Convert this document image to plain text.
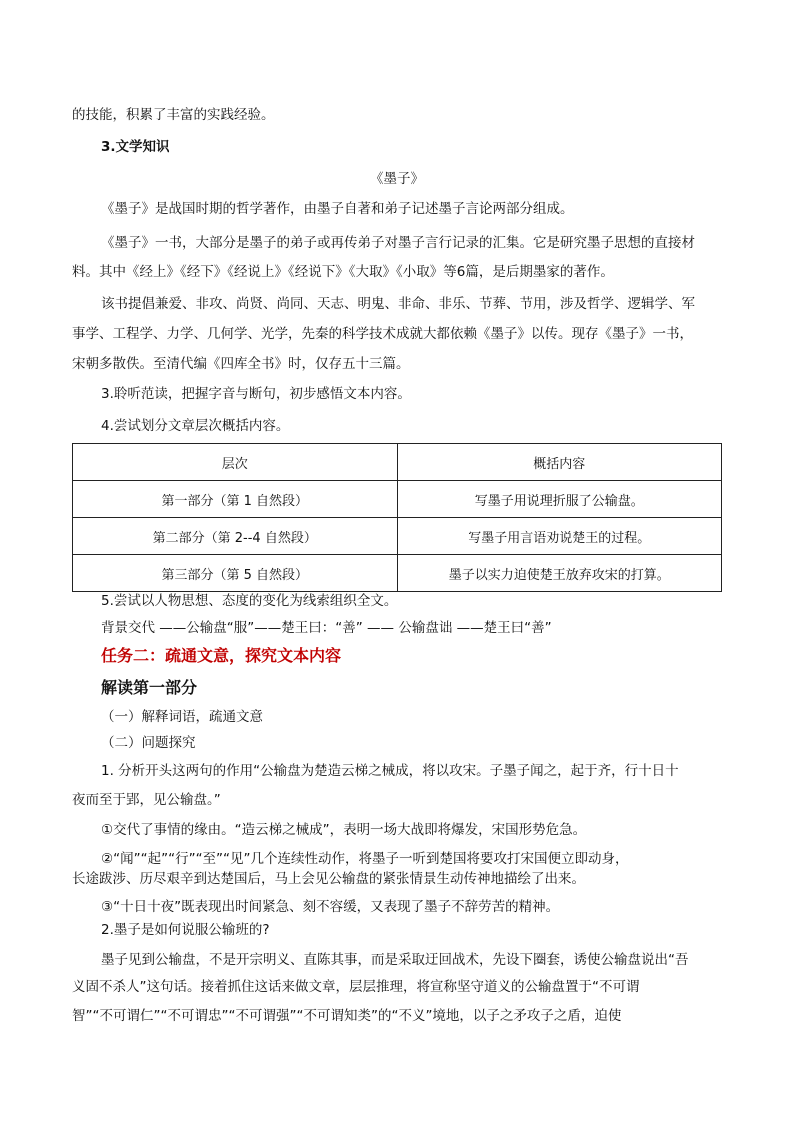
的技能，积累了丰富的实践经验。
3.文学知识
《墨子》
《墨子》是战国时期的哲学著作，由墨子自著和弟子记述墨子言论两部分组成。
《墨子》一书，大部分是墨子的弟子或再传弟子对墨子言行记录的汇集。它是研究墨子思想的直接材
料。其中《经上》《经下》《经说上》《经说下》《大取》《小取》等6篇，是后期墨家的著作。
该书提倡兼爱、非攻、尚贤、尚同、天志、明鬼、非命、非乐、节葬、节用，涉及哲学、逻辑学、军
事学、工程学、力学、几何学、光学，先秦的科学技术成就大都依赖《墨子》以传。现存《墨子》一书，
宋朝多散佚。至清代编《四库全书》时，仅存五十三篇。
3.聆听范读，把握字音与断句，初步感悟文本内容。
4.尝试划分文章层次概括内容。
层次	概括内容
第一部分（第 1 自然段）	写墨子用说理折服了公输盘。
第二部分（第 2--4 自然段）	写墨子用言语劝说楚王的过程。
第三部分（第 5 自然段）	墨子以实力迫使楚王放弃攻宋的打算。
5.尝试以人物思想、态度的变化为线索组织全文。
背景交代 ——公输盘“服”——楚王曰：“善” —— 公输盘诎 ——楚王曰“善”
任务二：疏通文意，探究文本内容
解读第一部分
（一）解释词语，疏通文意
（二）问题探究
1. 分析开头这两句的作用“公输盘为楚造云梯之械成，将以攻宋。子墨子闻之，起于齐，行十日十
夜而至于郢，见公输盘。”
①交代了事情的缘由。“造云梯之械成”，表明一场大战即将爆发，宋国形势危急。
②“闻”“起”“行”“至”“见”几个连续性动作，将墨子一听到楚国将要攻打宋国便立即动身，
长途跋涉、历尽艰辛到达楚国后，马上会见公输盘的紧张情景生动传神地描绘了出来。
③“十日十夜”既表现出时间紧急、刻不容缓，又表现了墨子不辞劳苦的精神。
2.墨子是如何说服公输班的?
墨子见到公输盘，不是开宗明义、直陈其事，而是采取迂回战术，先设下圈套，诱使公输盘说出“吾
义固不杀人”这句话。接着抓住这话来做文章，层层推理，将宣称坚守道义的公输盘置于“不可谓
智”“不可谓仁”“不可谓忠”“不可谓强”“不可谓知类”的“不义”境地，以子之矛攻子之盾，迫使
